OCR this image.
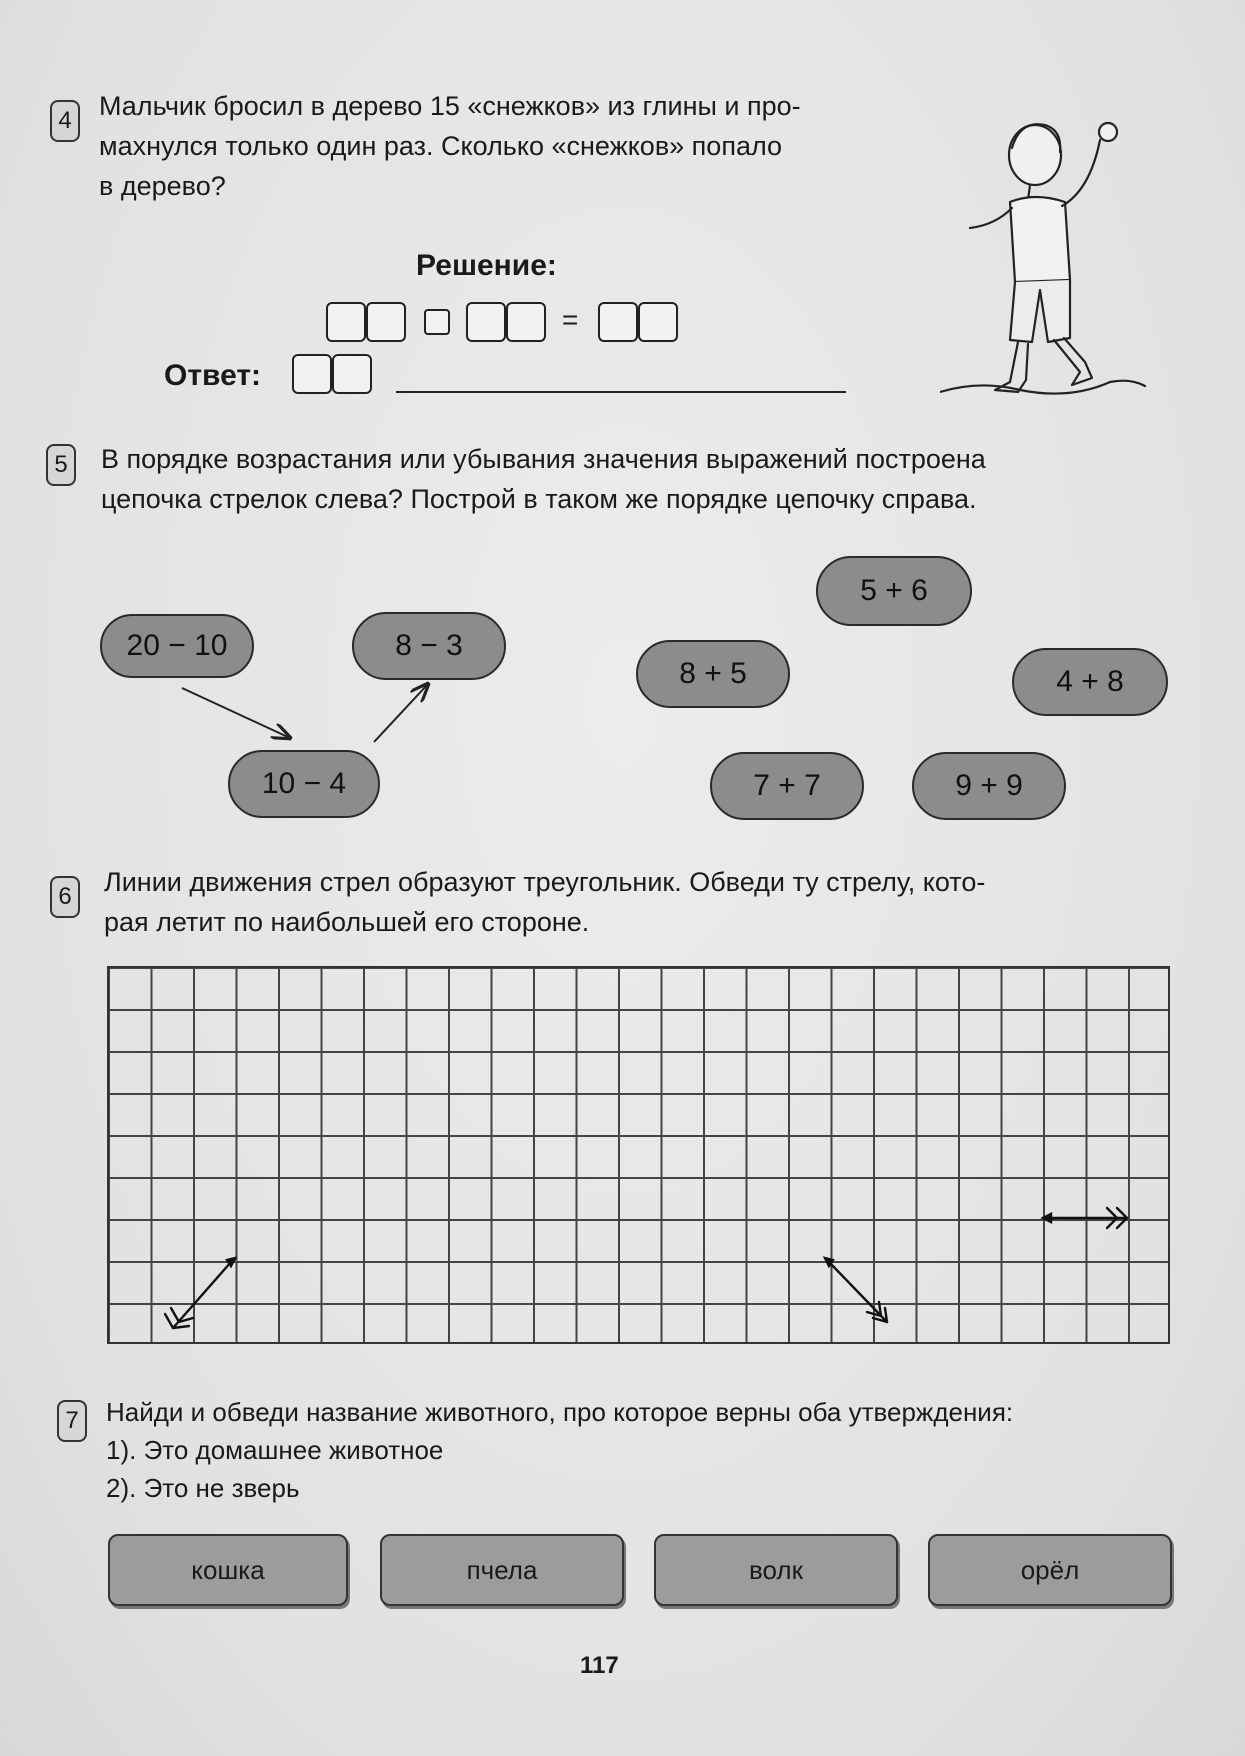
4	Мальчик бросил в дерево 15 «снежков» из глины и про-
махнулся только один раз. Сколько «снежков» попало
в дерево?
Решение:
=
Ответ:
5	В порядке возрастания или убывания значения выражений построена
цепочка стрелок слева? Построй в таком же порядке цепочку справа.
20 − 10
10 − 4
8 − 3
5 + 6
8 + 5	4 + 8
7 + 7	9 + 9
6	Линии движения стрел образуют треугольник. Обведи ту стрелу, кото-
рая летит по наибольшей его стороне.
7	Найди и обведи название животного, про которое верны оба утверждения:
1). Это домашнее животное
2). Это не зверь
кошка	пчела	волк	орёл
117
